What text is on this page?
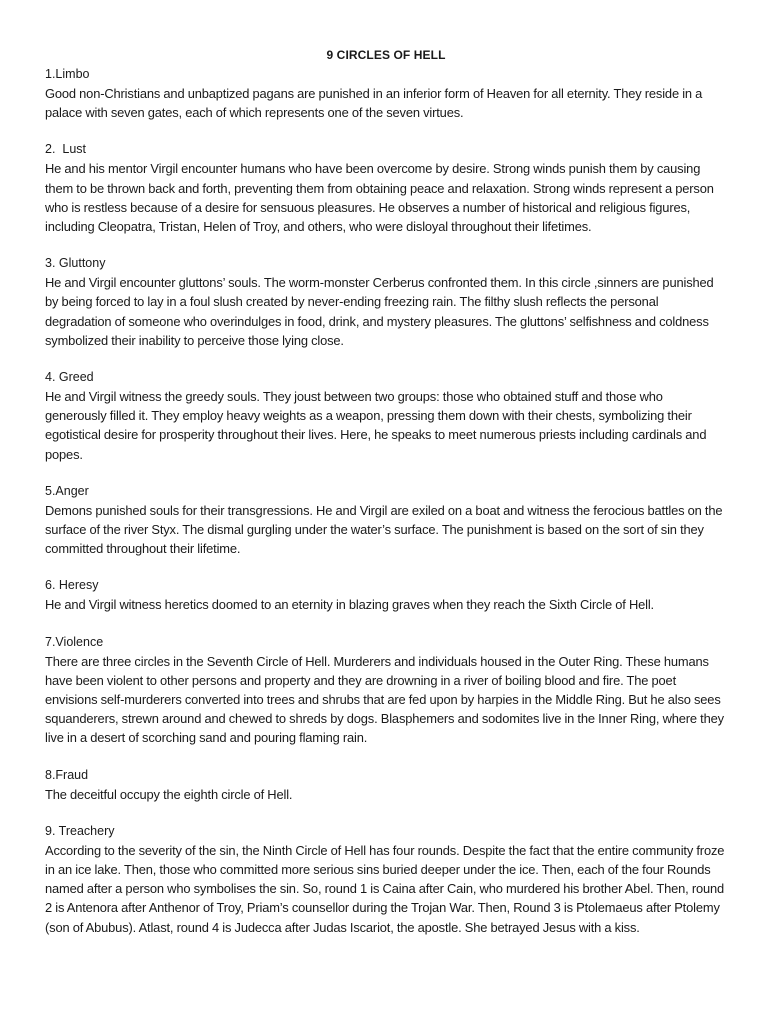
9 CIRCLES OF HELL

1.Limbo

Good non-Christians and unbaptized pagans are punished in an inferior form of Heaven for all eternity. They reside in a palace with seven gates, each of which represents one of the seven virtues.

2.  Lust

He and his mentor Virgil encounter humans who have been overcome by desire. Strong winds punish them by causing them to be thrown back and forth, preventing them from obtaining peace and relaxation. Strong winds represent a person who is restless because of a desire for sensuous pleasures. He observes a number of historical and religious figures, including Cleopatra, Tristan, Helen of Troy, and others, who were disloyal throughout their lifetimes.

3. Gluttony

He and Virgil encounter gluttons’ souls. The worm-monster Cerberus confronted them. In this circle ,sinners are punished by being forced to lay in a foul slush created by never-ending freezing rain. The filthy slush reflects the personal degradation of someone who overindulges in food, drink, and mystery pleasures. The gluttons’ selfishness and coldness symbolized their inability to perceive those lying close.

4. Greed

He and Virgil witness the greedy souls. They joust between two groups: those who obtained stuff and those who generously filled it. They employ heavy weights as a weapon, pressing them down with their chests, symbolizing their egotistical desire for prosperity throughout their lives. Here, he speaks to meet numerous priests including cardinals and popes.

5.Anger

Demons punished souls for their transgressions. He and Virgil are exiled on a boat and witness the ferocious battles on the surface of the river Styx. The dismal gurgling under the water’s surface. The punishment is based on the sort of sin they committed throughout their lifetime.

6. Heresy

He and Virgil witness heretics doomed to an eternity in blazing graves when they reach the Sixth Circle of Hell.

7.Violence

There are three circles in the Seventh Circle of Hell. Murderers and individuals housed in the Outer Ring. These humans have been violent to other persons and property and they are drowning in a river of boiling blood and fire. The poet envisions self-murderers converted into trees and shrubs that are fed upon by harpies in the Middle Ring. But he also sees squanderers, strewn around and chewed to shreds by dogs. Blasphemers and sodomites live in the Inner Ring, where they live in a desert of scorching sand and pouring flaming rain.

8.Fraud

The deceitful occupy the eighth circle of Hell.

9. Treachery

According to the severity of the sin, the Ninth Circle of Hell has four rounds. Despite the fact that the entire community froze in an ice lake. Then, those who committed more serious sins buried deeper under the ice. Then, each of the four Rounds named after a person who symbolises the sin. So, round 1 is Caina after Cain, who murdered his brother Abel. Then, round 2 is Antenora after Anthenor of Troy, Priam’s counsellor during the Trojan War. Then, Round 3 is Ptolemaeus after Ptolemy (son of Abubus). Atlast, round 4 is Judecca after Judas Iscariot, the apostle. She betrayed Jesus with a kiss.
